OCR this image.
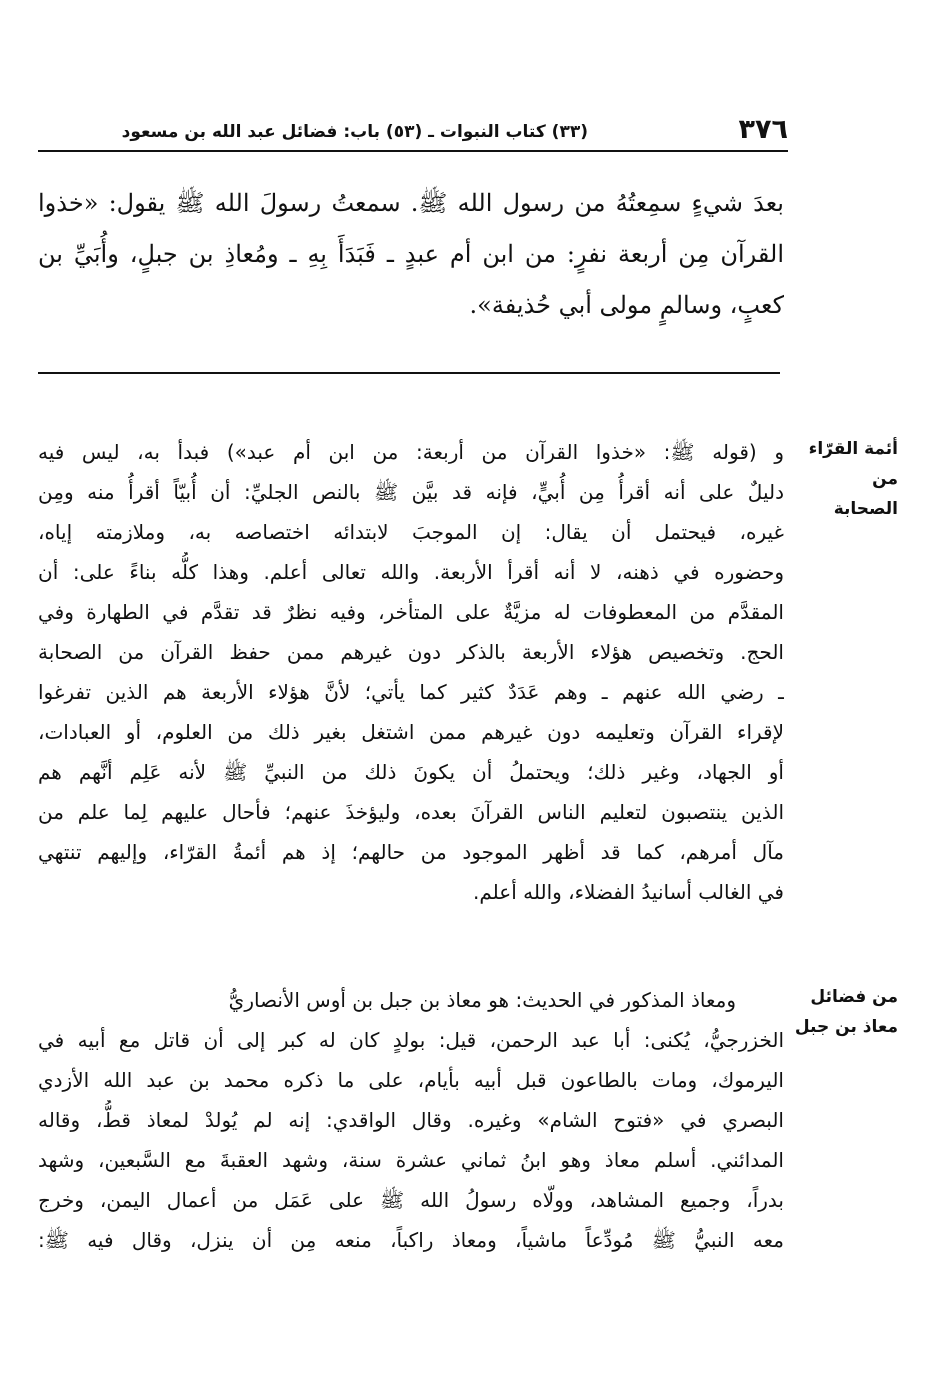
٣٧٦
(٣٣) كتاب النبوات ـ (٥٣) باب: فضائل عبد الله بن مسعود
بعدَ شيءٍ سمِعتُهُ من رسول الله ﷺ. سمعتُ رسولَ الله ﷺ يقول: «خذوا
القرآن مِن أربعة نفرٍ: من ابن أم عبدٍ ـ فَبَدَأَ بِهِ ـ ومُعاذِ بن جبلٍ، وأُبَيِّ بن
كعبٍ، وسالمٍ مولى أبي حُذيفة».
أئمة القرّاء من
الصحابة
و (قوله ﷺ: «خذوا القرآن من أربعة: من ابن أم عبد») فبدأ به، ليس فيه
دليلٌ على أنه أقرأُ مِن أُبيٍّ، فإنه قد بيَّن ﷺ بالنص الجليِّ: أن أُبيّاً أقرأُ منه ومِن
غيره، فيحتمل أن يقال: إن الموجبَ لابتدائه اختصاصه به، وملازمته إياه،
وحضوره في ذهنه، لا أنه أقرأ الأربعة. والله تعالى أعلم. وهذا كلُّه بناءً على: أن
المقدَّم من المعطوفات له مزيَّةٌ على المتأخر، وفيه نظرٌ قد تقدَّم في الطهارة وفي
الحج. وتخصيص هؤلاء الأربعة بالذكر دون غيرهم ممن حفظ القرآن من الصحابة
ـ رضي الله عنهم ـ وهم عَدَدٌ كثير كما يأتي؛ لأنَّ هؤلاء الأربعة هم الذين تفرغوا
لإقراء القرآن وتعليمه دون غيرهم ممن اشتغل بغير ذلك من العلوم، أو العبادات،
أو الجهاد، وغير ذلك؛ ويحتملُ أن يكونَ ذلك من النبيِّ ﷺ لأنه عَلِم أنَّهم هم
الذين ينتصبون لتعليم الناس القرآنَ بعده، وليؤخذَ عنهم؛ فأحال عليهم لِما علم من
مآل أمرهم، كما قد أظهر الموجود من حالهم؛ إذ هم أئمةُ القرّاء، وإليهم تنتهي
في الغالب أسانيدُ الفضلاء، والله أعلم.
من فضائل
معاذ بن جبل
ومعاذ المذكور في الحديث: هو معاذ بن جبل بن أوس الأنصاريُّ
الخزرجيُّ، يُكنى: أبا عبد الرحمن، قيل: بولدٍ كان له كبر إلى أن قاتل مع أبيه في
اليرموك، ومات بالطاعون قبل أبيه بأيام، على ما ذكره محمد بن عبد الله الأزدي
البصري في «فتوح الشام» وغيره. وقال الواقدي: إنه لم يُولدْ لمعاذ قطُّ، وقاله
المدائني. أسلم معاذ وهو ابنُ ثماني عشرة سنة، وشهد العقبةَ مع السَّبعين، وشهد
بدراً، وجميع المشاهد، وولّاه رسولُ الله ﷺ على عَمَل من أعمال اليمن، وخرج
معه النبيُّ ﷺ مُودِّعاً ماشياً، ومعاذ راكباً، منعه مِن أن ينزل، وقال فيه ﷺ:
